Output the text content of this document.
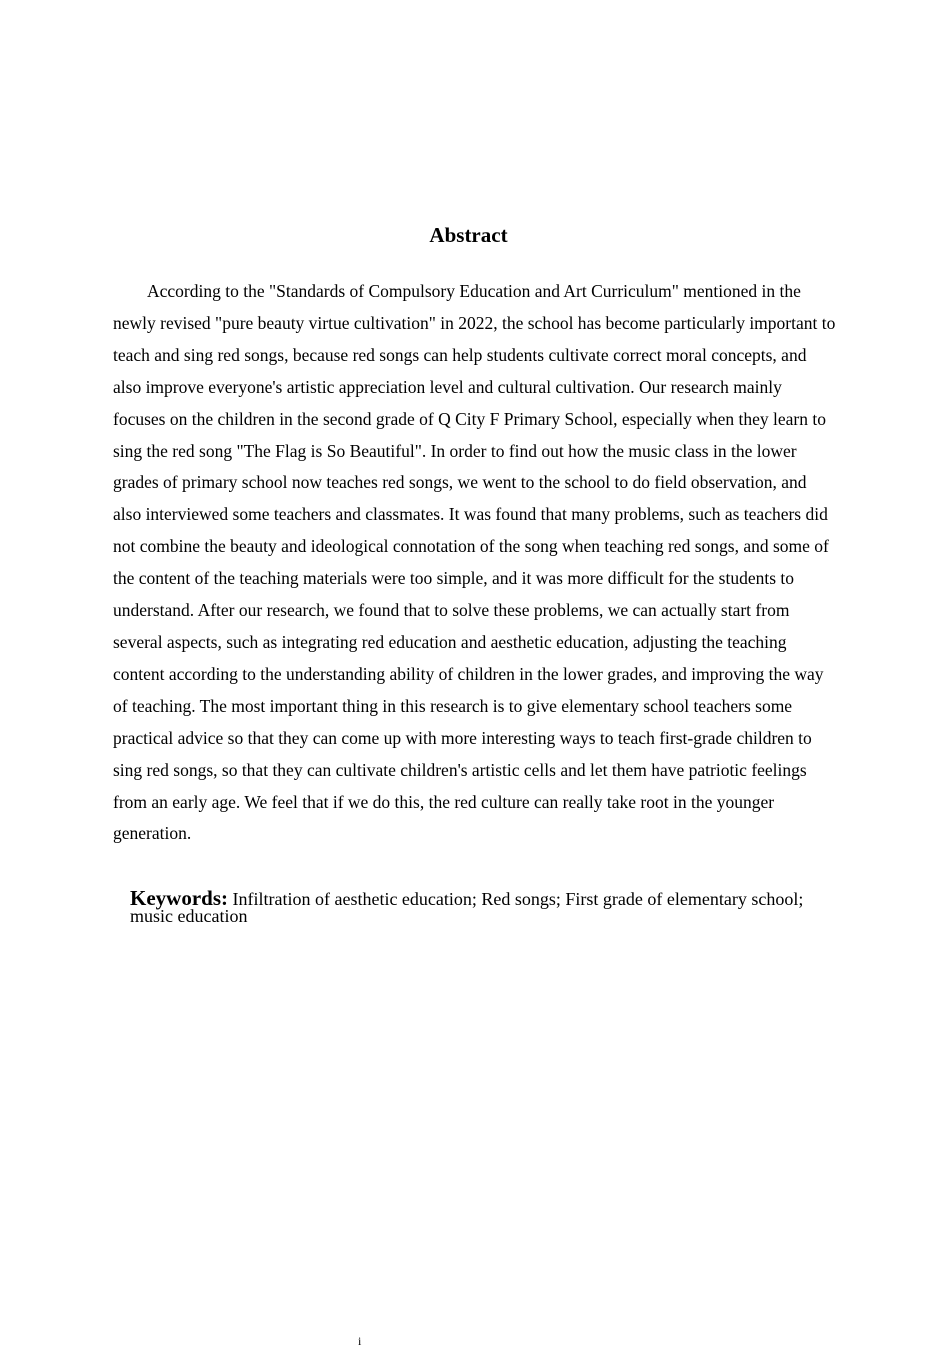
Abstract

According to the "Standards of Compulsory Education and Art Curriculum" mentioned in the newly revised "pure beauty virtue cultivation" in 2022, the school has become particularly important to teach and sing red songs, because red songs can help students cultivate correct moral concepts, and also improve everyone's artistic appreciation level and cultural cultivation. Our research mainly focuses on the children in the second grade of Q City F Primary School, especially when they learn to sing the red song "The Flag is So Beautiful". In order to find out how the music class in the lower grades of primary school now teaches red songs, we went to the school to do field observation, and also interviewed some teachers and classmates. It was found that many problems, such as teachers did not combine the beauty and ideological connotation of the song when teaching red songs, and some of the content of the teaching materials were too simple, and it was more difficult for the students to understand. After our research, we found that to solve these problems, we can actually start from several aspects, such as integrating red education and aesthetic education, adjusting the teaching content according to the understanding ability of children in the lower grades, and improving the way of teaching. The most important thing in this research is to give elementary school teachers some practical advice so that they can come up with more interesting ways to teach first-grade children to sing red songs, so that they can cultivate children's artistic cells and let them have patriotic feelings from an early age. We feel that if we do this, the red culture can really take root in the younger generation.

Keywords: Infiltration of aesthetic education; Red songs; First grade of elementary school; music education

i
